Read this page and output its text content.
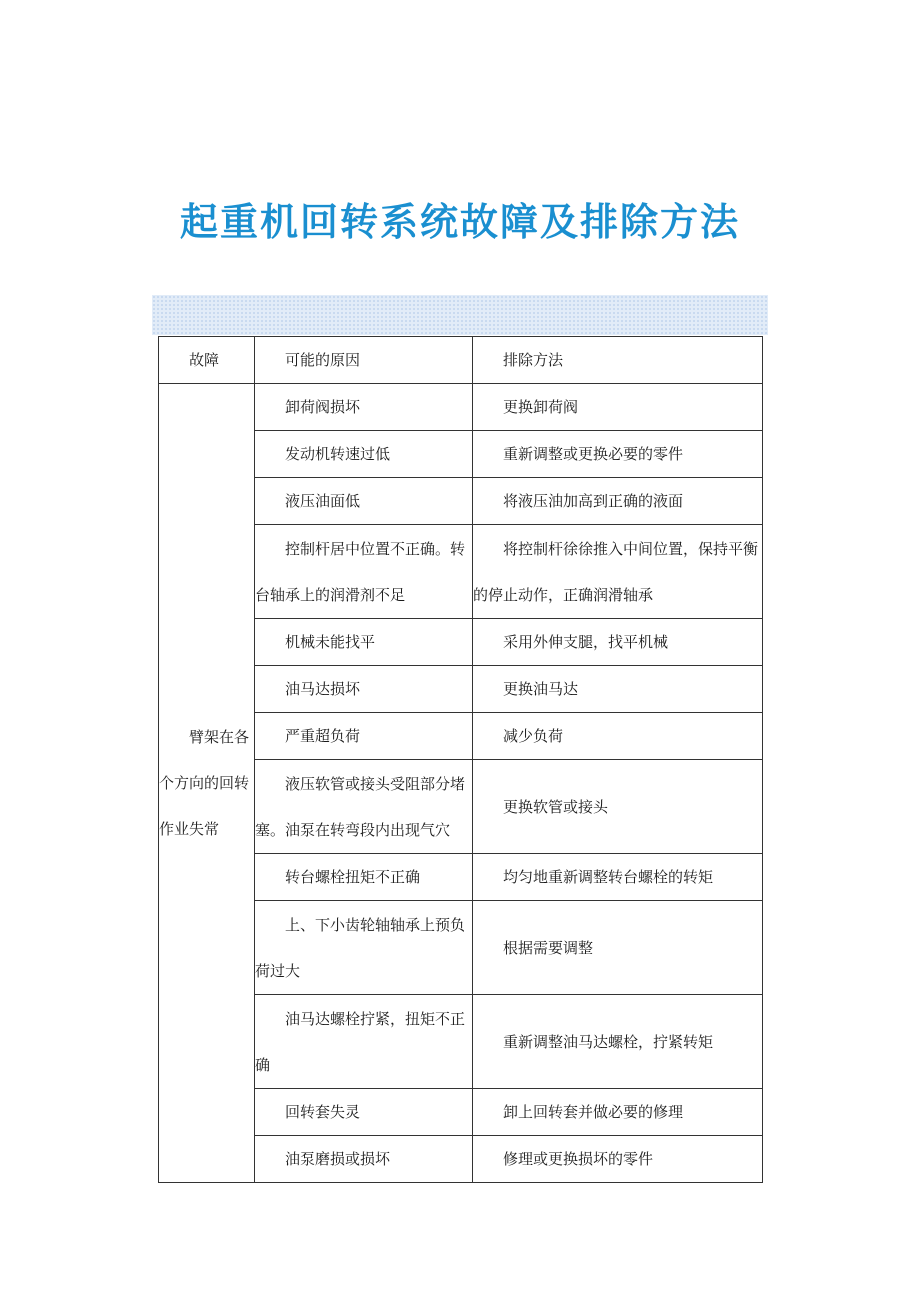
起重机回转系统故障及排除方法
故障	可能的原因	排除方法

臂架在各个方向的回转作业失常	卸荷阀损坏	更换卸荷阀

	发动机转速过低	重新调整或更换必要的零件

	液压油面低	将液压油加高到正确的液面

	控制杆居中位置不正确。转台轴承上的润滑剂不足	将控制杆徐徐推入中间位置，保持平衡的停止动作，正确润滑轴承

	机械未能找平	采用外伸支腿，找平机械

	油马达损坏	更换油马达

	严重超负荷	减少负荷

	液压软管或接头受阻部分堵塞。油泵在转弯段内出现气穴	更换软管或接头

	转台螺栓扭矩不正确	均匀地重新调整转台螺栓的转矩

	上、下小齿轮轴轴承上预负荷过大	根据需要调整

	油马达螺栓拧紧，扭矩不正确	重新调整油马达螺栓，拧紧转矩

	回转套失灵	卸上回转套并做必要的修理

	油泵磨损或损坏	修理或更换损坏的零件
